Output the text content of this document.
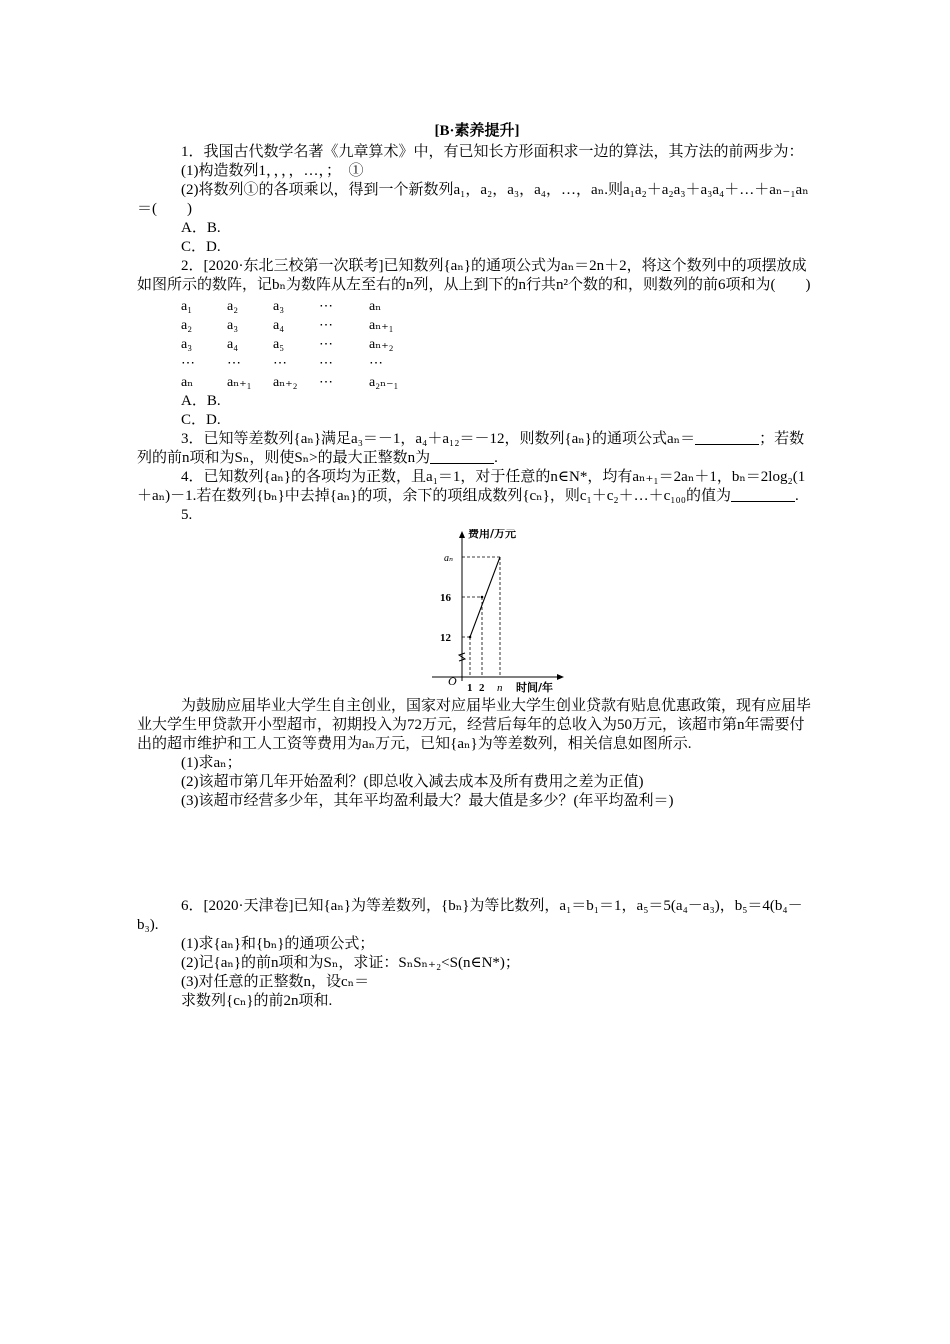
[B·素养提升]

1．我国古代数学名著《九章算术》中，有已知长方形面积求一边的算法，其方法的前两步为：

(1)构造数列1，，，，…，；　①

(2)将数列①的各项乘以，得到一个新数列a₁，a₂，a₃，a₄，…，aₙ.则a₁a₂＋a₂a₃＋a₃a₄＋…＋aₙ₋₁aₙ＝(　　)

A．B.

C．D.

2．[2020·东北三校第一次联考]已知数列{aₙ}的通项公式为aₙ＝2n＋2，将这个数列中的项摆放成如图所示的数阵，记bₙ为数阵从左至右的n列，从上到下的n行共n²个数的和，则数列的前6项和为(　　)

a₁	a₂	a₃	⋯	aₙ
a₂	a₃	a₄	⋯	aₙ₊₁
a₃	a₄	a₅	⋯	aₙ₊₂
⋯	⋯	⋯	⋯	⋯
aₙ	aₙ₊₁	aₙ₊₂	⋯	a₂ₙ₋₁

A．B.

C．D.

3．已知等差数列{aₙ}满足a₃＝－1，a₄＋a₁₂＝－12，则数列{aₙ}的通项公式aₙ＝	；若数列的前n项和为Sₙ，则使Sₙ>的最大正整数n为	.

4．已知数列{aₙ}的各项均为正数，且a₁＝1，对于任意的n∈N*，均有aₙ₊₁＝2aₙ＋1，bₙ＝2log₂(1＋aₙ)－1.若在数列{bₙ}中去掉{aₙ}的项，余下的项组成数列{cₙ}，则c₁＋c₂＋…＋c₁₀₀的值为	.

5.

费用/万元
时间/年
O 1 2 n
12
16
aₙ

为鼓励应届毕业大学生自主创业，国家对应届毕业大学生创业贷款有贴息优惠政策，现有应届毕业大学生甲贷款开小型超市，初期投入为72万元，经营后每年的总收入为50万元，该超市第n年需要付出的超市维护和工人工资等费用为aₙ万元，已知{aₙ}为等差数列，相关信息如图所示.

(1)求aₙ；

(2)该超市第几年开始盈利？(即总收入减去成本及所有费用之差为正值)

(3)该超市经营多少年，其年平均盈利最大？最大值是多少？(年平均盈利＝)

6．[2020·天津卷]已知{aₙ}为等差数列，{bₙ}为等比数列，a₁＝b₁＝1，a₅＝5(a₄－a₃)，b₅＝4(b₄－b₃).

(1)求{aₙ}和{bₙ}的通项公式；

(2)记{aₙ}的前n项和为Sₙ，求证：SₙSₙ₊₂<S(n∈N*)；

(3)对任意的正整数n，设cₙ＝

求数列{cₙ}的前2n项和.
